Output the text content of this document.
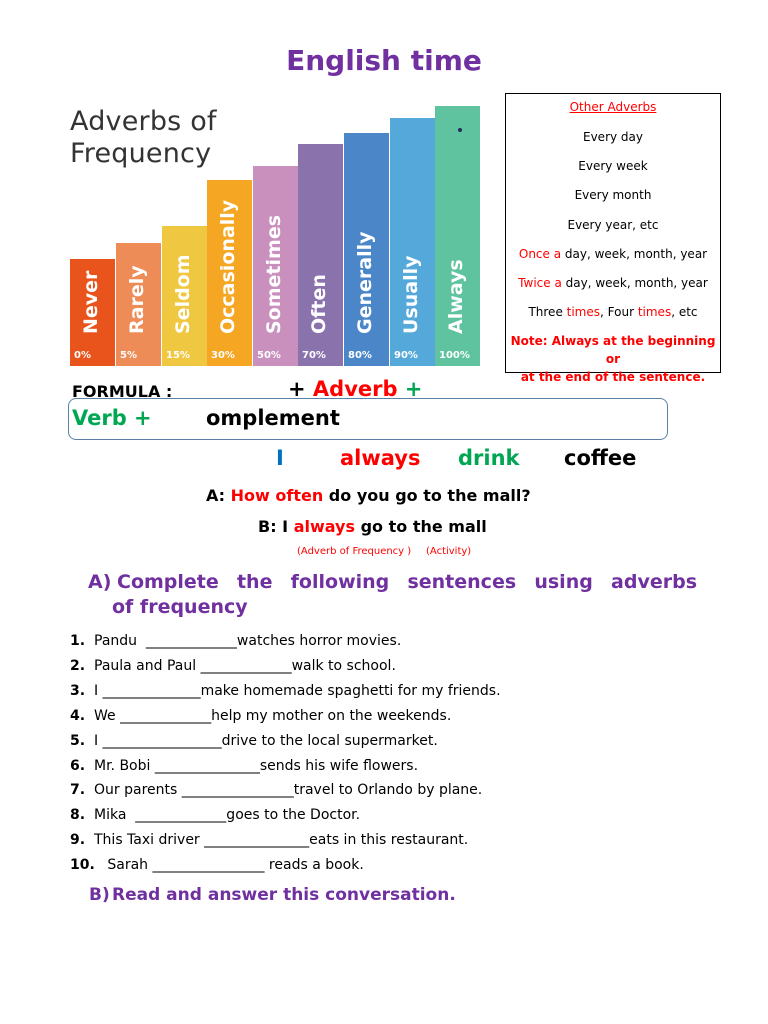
English time
Adverbs of
Frequency
Never
0%
Rarely
5%
Seldom
15%
Occasionally
30%
Sometimes
50%
Often
70%
Generally
80%
Usually
90%
Always
100%
Other Adverbs
Every day
Every week
Every month
Every year, etc
Once a day, week, month, year
Twice a day, week, month, year
Three times, Four times, etc
Note: Always at the beginning or
at the end of the sentence.
FORMULA :	+ Adverb +
Verb +	omplement
I	always drink coffee
A: How often do you go to the mall?
B: I always go to the mall
(Adverb of Frequency ) (Activity)
A) Complete the following sentences using adverbs
of frequency
1. Pandu  _____________watches horror movies.
2. Paula and Paul _____________walk to school.
3. I ______________make homemade spaghetti for my friends.
4. We _____________help my mother on the weekends.
5. I _________________drive to the local supermarket.
6. Mr. Bobi _______________sends his wife flowers.
7. Our parents ________________travel to Orlando by plane.
8. Mika  _____________goes to the Doctor.
9. This Taxi driver _______________eats in this restaurant.
10.   Sarah ________________ reads a book.
B) Read and answer this conversation.
